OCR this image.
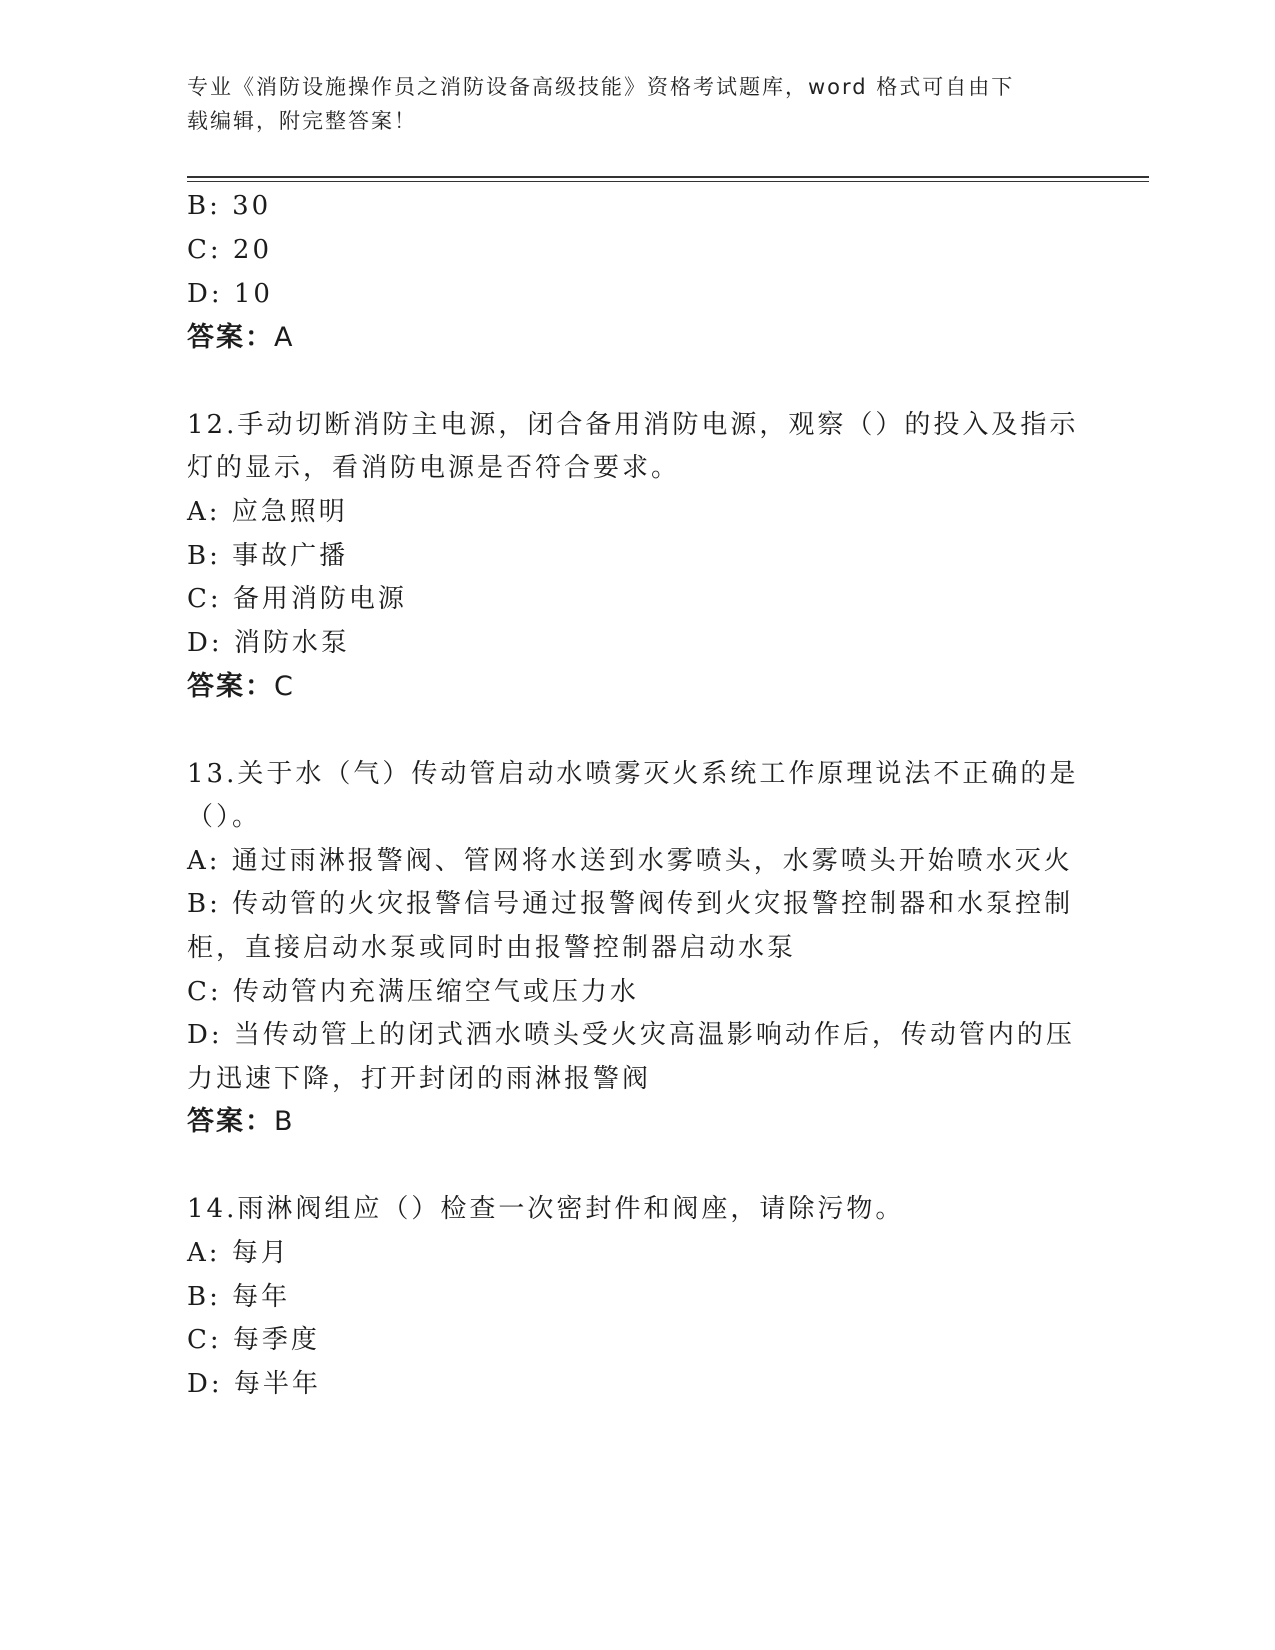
专业《消防设施操作员之消防设备高级技能》资格考试题库，word 格式可自由下
载编辑，附完整答案！
B: 30
C: 20
D: 10
答案：A
12.手动切断消防主电源，闭合备用消防电源，观察（）的投入及指示
灯的显示，看消防电源是否符合要求。
A: 应急照明
B: 事故广播
C: 备用消防电源
D: 消防水泵
答案：C
13.关于水（气）传动管启动水喷雾灭火系统工作原理说法不正确的是
（）。
A: 通过雨淋报警阀、管网将水送到水雾喷头，水雾喷头开始喷水灭火
B: 传动管的火灾报警信号通过报警阀传到火灾报警控制器和水泵控制
柜，直接启动水泵或同时由报警控制器启动水泵
C: 传动管内充满压缩空气或压力水
D: 当传动管上的闭式洒水喷头受火灾高温影响动作后，传动管内的压
力迅速下降，打开封闭的雨淋报警阀
答案：B
14.雨淋阀组应（）检查一次密封件和阀座，请除污物。
A: 每月
B: 每年
C: 每季度
D: 每半年
